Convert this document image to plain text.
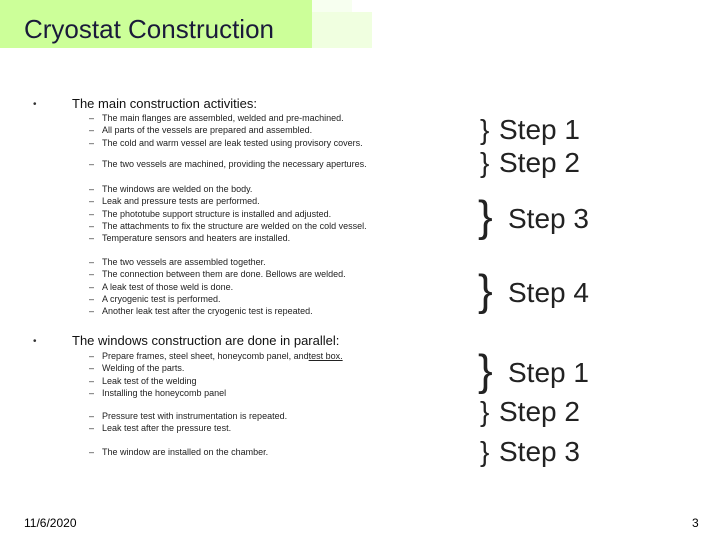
Cryostat Construction
•	The main construction activities:
–
–
–
The main flanges are assembled, welded and pre-machined.
All parts of the vessels are prepared and assembled.
The cold and warm vessel are leak tested using provisory covers.
– The two vessels are machined, providing the necessary apertures.
–
–
–
–
–
The windows are welded on the body.
Leak and pressure tests are performed.
The phototube support structure is installed and adjusted.
The attachments to fix the structure are welded on the cold vessel.
Temperature sensors and heaters are installed.
–
–
–
–
–
The two vessels are assembled together.
The connection between them are done. Bellows are welded.
A leak test of those weld is done.
A cryogenic test is performed.
Another leak test after the cryogenic test is repeated.
•	The windows construction are done in parallel:
–
–
–
–
Prepare frames, steel sheet, honeycomb panel, andtest box.
Welding of the parts.
Leak test of the welding
Installing the honeycomb panel
–
–
Pressure test with instrumentation is repeated.
Leak test after the pressure test.
– The window are installed on the chamber.
} Step 1
} Step 2
} Step 3
} Step 4
} Step 1
} Step 2
} Step 3
11/6/2020	3
